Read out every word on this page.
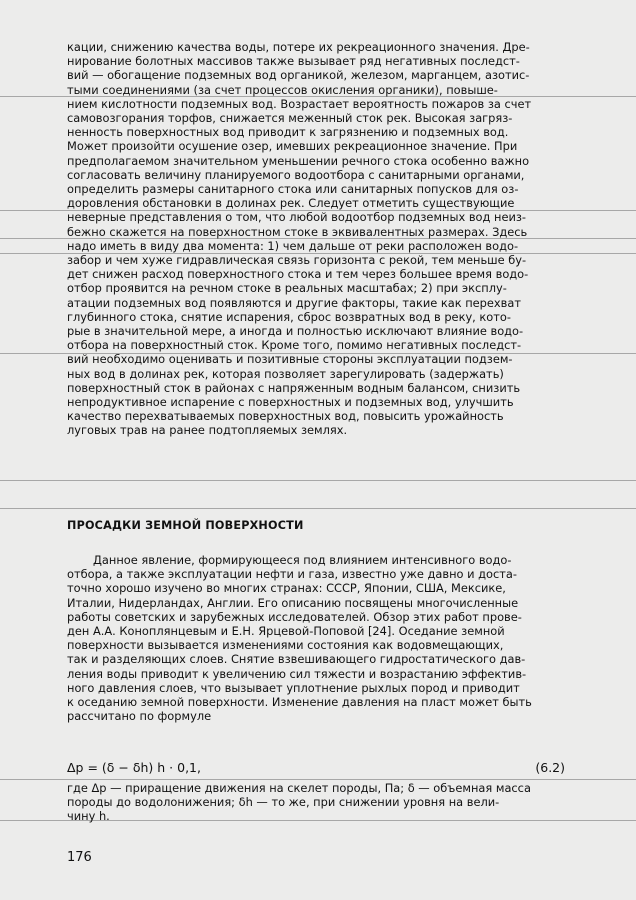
кации, снижению качества воды, потере их рекреационного значения. Дре-
нирование болотных массивов также вызывает ряд негативных последст-
вий — обогащение подземных вод органикой, железом, марганцем, азотис-
тыми соединениями (за счет процессов окисления органики), повыше-
нием кислотности подземных вод. Возрастает вероятность пожаров за счет
самовозгорания торфов, снижается меженный сток рек. Высокая загряз-
ненность поверхностных вод приводит к загрязнению и подземных вод.
Может произойти осушение озер, имевших рекреационное значение. При
предполагаемом значительном уменьшении речного стока особенно важно
согласовать величину планируемого водоотбора с санитарными органами,
определить размеры санитарного стока или санитарных попусков для оз-
доровления обстановки в долинах рек. Следует отметить существующие
неверные представления о том, что любой водоотбор подземных вод неиз-
бежно скажется на поверхностном стоке в эквивалентных размерах. Здесь
надо иметь в виду два момента: 1) чем дальше от реки расположен водо-
забор и чем хуже гидравлическая связь горизонта с рекой, тем меньше бу-
дет снижен расход поверхностного стока и тем через большее время водо-
отбор проявится на речном стоке в реальных масштабах; 2) при эксплу-
атации подземных вод появляются и другие факторы, такие как перехват
глубинного стока, снятие испарения, сброс возвратных вод в реку, кото-
рые в значительной мере, а иногда и полностью исключают влияние водо-
отбора на поверхностный сток. Кроме того, помимо негативных последст-
вий необходимо оценивать и позитивные стороны эксплуатации подзем-
ных вод в долинах рек, которая позволяет зарегулировать (задержать)
поверхностный сток в районах с напряженным водным балансом, снизить
непродуктивное испарение с поверхностных и подземных вод, улучшить
качество перехватываемых поверхностных вод, повысить урожайность
луговых трав на ранее подтопляемых землях.
ПРОСАДКИ ЗЕМНОЙ ПОВЕРХНОСТИ
Данное явление, формирующееся под влиянием интенсивного водо-
отбора, а также эксплуатации нефти и газа, известно уже давно и доста-
точно хорошо изучено во многих странах: СССР, Японии, США, Мексике,
Италии, Нидерландах, Англии. Его описанию посвящены многочисленные
работы советских и зарубежных исследователей. Обзор этих работ прове-
ден А.А. Коноплянцевым и Е.Н. Ярцевой-Поповой [24]. Оседание земной
поверхности вызывается изменениями состояния как водовмещающих,
так и разделяющих слоев. Снятие взвешивающего гидростатического дав-
ления воды приводит к увеличению сил тяжести и возрастанию эффектив-
ного давления слоев, что вызывает уплотнение рыхлых пород и приводит
к оседанию земной поверхности. Изменение давления на пласт может быть
рассчитано по формуле
Δp = (δ − δh) h · 0,1,	(6.2)
где Δp — приращение движения на скелет породы, Па; δ — объемная масса
породы до водолонижения; δh — то же, при снижении уровня на вели-
чину h.
176
